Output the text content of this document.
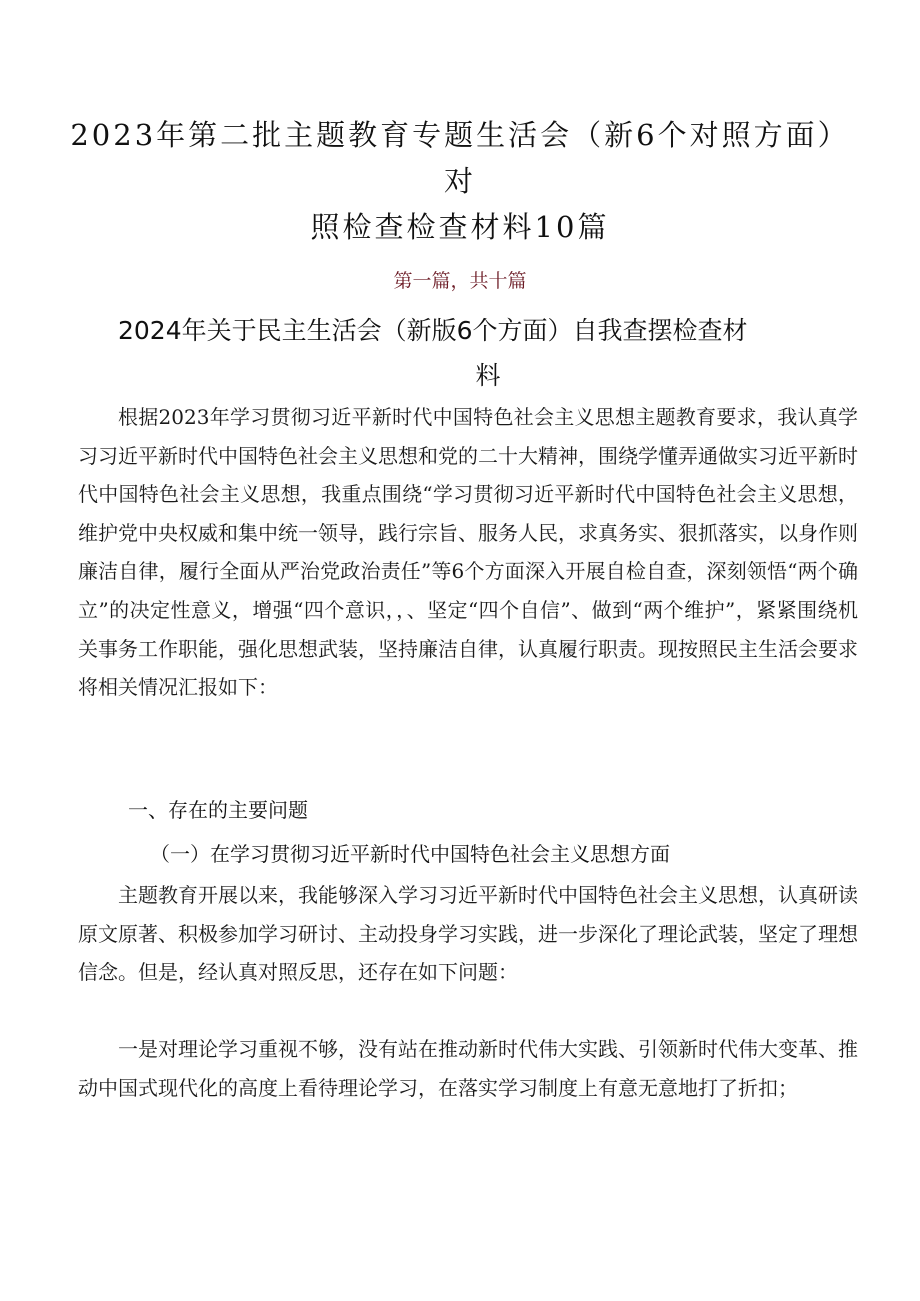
2023年第二批主题教育专题生活会（新6个对照方面）对
照检查检查材料10篇
第一篇，共十篇
2024年关于民主生活会（新版6个方面）自我查摆检查材
料

根据2023年学习贯彻习近平新时代中国特色社会主义思想主题教育要求，我认真学习习近平新时代中国特色社会主义思想和党的二十大精神，围绕学懂弄通做实习近平新时代中国特色社会主义思想，我重点围绕“学习贯彻习近平新时代中国特色社会主义思想，维护党中央权威和集中统一领导，践行宗旨、服务人民，求真务实、狠抓落实，以身作则廉洁自律，履行全面从严治党政治责任”等6个方面深入开展自检自查，深刻领悟“两个确立”的决定性意义，增强“四个意识，，、坚定“四个自信”、做到“两个维护”，紧紧围绕机关事务工作职能，强化思想武装，坚持廉洁自律，认真履行职责。现按照民主生活会要求将相关情况汇报如下：

一、存在的主要问题
（一）在学习贯彻习近平新时代中国特色社会主义思想方面

主题教育开展以来，我能够深入学习习近平新时代中国特色社会主义思想，认真研读原文原著、积极参加学习研讨、主动投身学习实践，进一步深化了理论武装，坚定了理想信念。但是，经认真对照反思，还存在如下问题：

一是对理论学习重视不够，没有站在推动新时代伟大实践、引领新时代伟大变革、推动中国式现代化的高度上看待理论学习，在落实学习制度上有意无意地打了折扣；
